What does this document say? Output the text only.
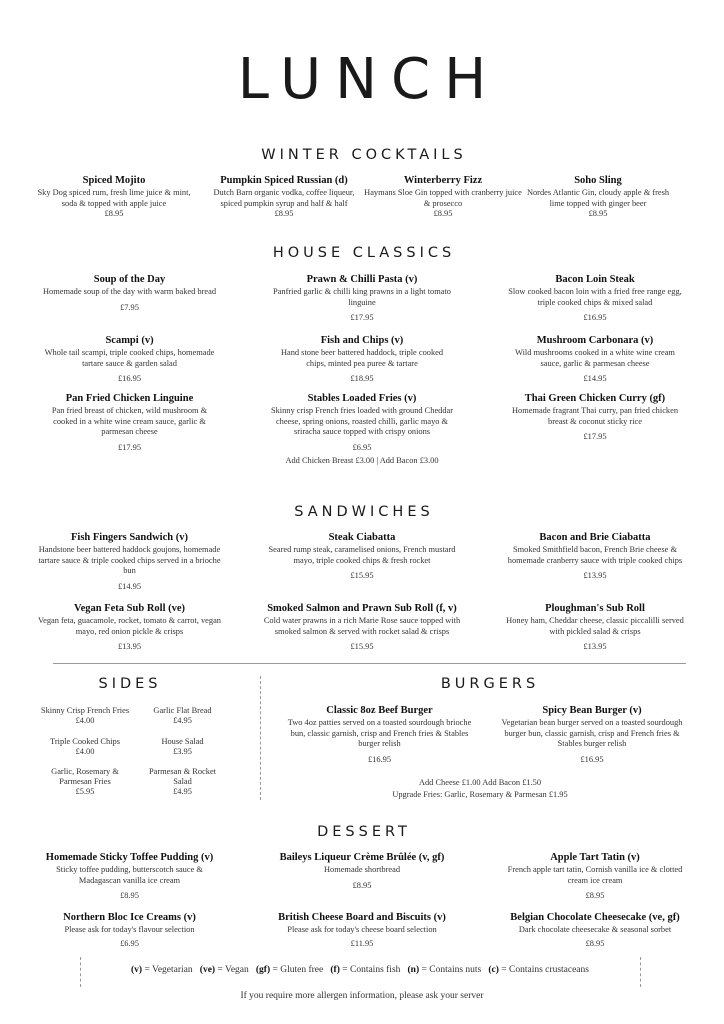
LUNCH
WINTER COCKTAILS
Spiced Mojito
Sky Dog spiced rum, fresh lime juice & mint, soda & topped with apple juice
£8.95
Pumpkin Spiced Russian (d)
Dutch Barn organic vodka, coffee liqueur, spiced pumpkin syrup and half & half
£8.95
Winterberry Fizz
Haymans Sloe Gin topped with cranberry juice & prosecco
£8.95
Soho Sling
Nordes Atlantic Gin, cloudy apple & fresh lime topped with ginger beer
£8.95
HOUSE CLASSICS
Soup of the Day
Homemade soup of the day with warm baked bread
£7.95
Prawn & Chilli Pasta (v)
Panfried garlic & chilli king prawns in a light tomato linguine
£17.95
Bacon Loin Steak
Slow cooked bacon loin with a fried free range egg, triple cooked chips & mixed salad
£16.95
Scampi (v)
Whole tail scampi, triple cooked chips, homemade tartare sauce & garden salad
£16.95
Fish and Chips (v)
Hand stone beer battered haddock, triple cooked chips, minted pea puree & tartare
£18.95
Mushroom Carbonara (v)
Wild mushrooms cooked in a white wine cream sauce, garlic & parmesan cheese
£14.95
Pan Fried Chicken Linguine
Pan fried breast of chicken, wild mushroom & cooked in a white wine cream sauce, garlic & parmesan cheese
£17.95
Stables Loaded Fries (v)
Skinny crisp French fries loaded with ground Cheddar cheese, spring onions, roasted chilli, garlic mayo & sriracha sauce topped with crispy onions
£6.95
Add Chicken Breast £3.00 | Add Bacon £3.00
Thai Green Chicken Curry (gf)
Homemade fragrant Thai curry, pan fried chicken breast & coconut sticky rice
£17.95
SANDWICHES
Fish Fingers Sandwich (v)
Handstone beer battered haddock goujons, homemade tartare sauce & triple cooked chips served in a brioche bun
£14.95
Steak Ciabatta
Seared rump steak, caramelised onions, French mustard mayo, triple cooked chips & fresh rocket
£15.95
Bacon and Brie Ciabatta
Smoked Smithfield bacon, French Brie cheese & homemade cranberry sauce with triple cooked chips
£13.95
Vegan Feta Sub Roll (ve)
Vegan feta, guacamole, rocket, tomato & carrot, vegan mayo, red onion pickle & crisps
£13.95
Smoked Salmon and Prawn Sub Roll (f, v)
Cold water prawns in a rich Marie Rose sauce topped with smoked salmon & served with rocket salad & crisps
£15.95
Ploughman's Sub Roll
Honey ham, Cheddar cheese, classic piccalilli served with pickled salad & crisps
£13.95
SIDES
Skinny Crisp French Fries
£4.00
Garlic Flat Bread
£4.95
Triple Cooked Chips
£4.00
House Salad
£3.95
Garlic, Rosemary & Parmesan Fries
£5.95
Parmesan & Rocket Salad
£4.95
BURGERS
Classic 8oz Beef Burger
Two 4oz patties served on a toasted sourdough brioche bun, classic garnish, crisp and French fries & Stables burger relish
£16.95
Spicy Bean Burger (v)
Vegetarian bean burger served on a toasted sourdough burger bun, classic garnish, crisp and French fries & Stables burger relish
£16.95
Add Cheese £1.00 Add Bacon £1.50
Upgrade Fries: Garlic, Rosemary & Parmesan £1.95
DESSERT
Homemade Sticky Toffee Pudding (v)
Sticky toffee pudding, butterscotch sauce & Madagascan vanilla ice cream
£8.95
Baileys Liqueur Crème Brûlée (v, gf)
Homemade shortbread
£8.95
Apple Tart Tatin (v)
French apple tart tatin, Cornish vanilla ice & clotted cream ice cream
£8.95
Northern Bloc Ice Creams (v)
Please ask for today's flavour selection
£6.95
British Cheese Board and Biscuits (v)
Please ask for today's cheese board selection
£11.95
Belgian Chocolate Cheesecake (ve, gf)
Dark chocolate cheesecake & seasonal sorbet
£8.95
(v) = Vegetarian (ve) = Vegan (gf) = Gluten free (f) = Contains fish (n) = Contains nuts (c) = Contains crustaceans
If you require more allergen information, please ask your server
